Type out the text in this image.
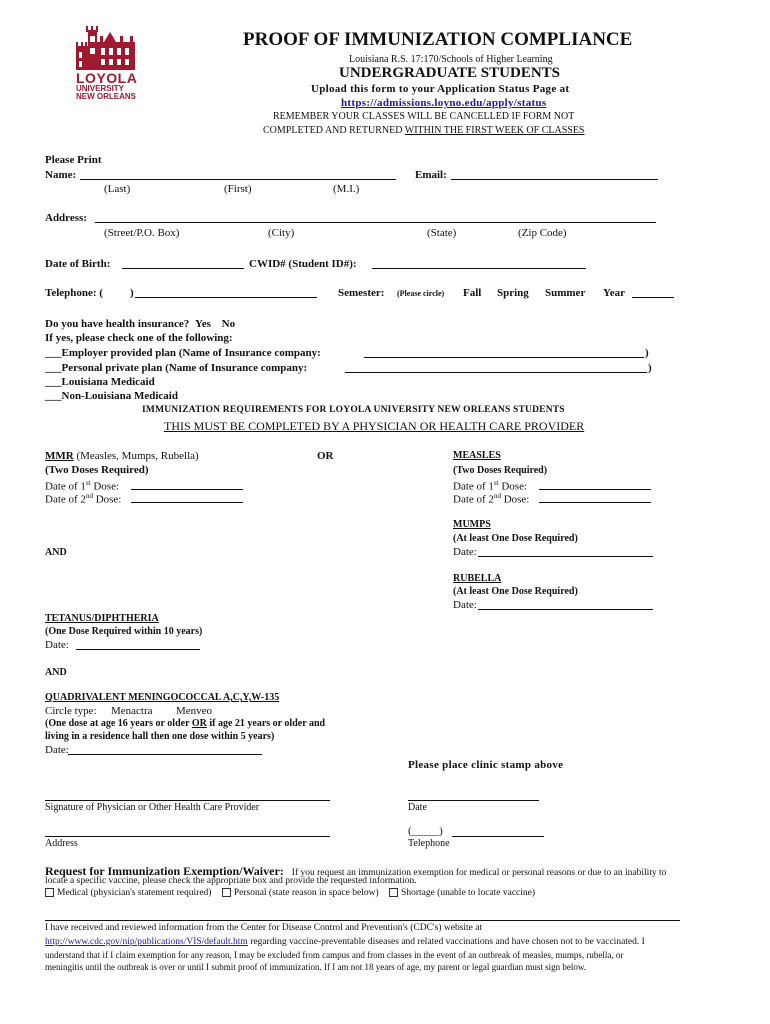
LOYOLA
UNIVERSITY
NEW ORLEANS
PROOF OF IMMUNIZATION COMPLIANCE
Louisiana R.S. 17:170/Schools of Higher Learning
UNDERGRADUATE STUDENTS
Upload this form to your Application Status Page at
https://admissions.loyno.edu/apply/status
REMEMBER YOUR CLASSES WILL BE CANCELLED IF FORM NOT
COMPLETED AND RETURNED WITHIN THE FIRST WEEK OF CLASSES
Please Print
Name:	Email:
(Last)	(First)	(M.I.)
Address:
(Street/P.O. Box)	(City)	(State)	(Zip Code)
Date of Birth:	CWID# (Student ID#):
Telephone: ( )	Semester: (Please circle) Fall Spring Summer Year
Do you have health insurance? Yes No
If yes, please check one of the following:
___Employer provided plan (Name of Insurance company:	)
___Personal private plan (Name of Insurance company:	)
___Louisiana Medicaid
___Non-Louisiana Medicaid
IMMUNIZATION REQUIREMENTS FOR LOYOLA UNIVERSITY NEW ORLEANS STUDENTS
THIS MUST BE COMPLETED BY A PHYSICIAN OR HEALTH CARE PROVIDER
MMR (Measles, Mumps, Rubella)
(Two Doses Required)
Date of 1st Dose:
Date of 2nd Dose:
OR	MEASLES
(Two Doses Required)
Date of 1st Dose:
Date of 2nd Dose:
MUMPS
(At least One Dose Required)
Date:
AND
RUBELLA
(At least One Dose Required)
Date:
TETANUS/DIPHTHERIA
(One Dose Required within 10 years)
Date:
AND
QUADRIVALENT MENINGOCOCCAL A,C,Y,W-135
Circle type: Menactra Menveo
(One dose at age 16 years or older OR if age 21 years or older and
living in a residence hall then one dose within 5 years)
Date:
Please place clinic stamp above
Signature of Physician or Other Health Care Provider	Date
Address
(_____)
Telephone
Request for Immunization Exemption/Waiver: If you request an immunization exemption for medical or personal reasons or due to an inability to
locate a specific vaccine, please check the appropriate box and provide the requested information.
Medical (physician's statement required) Personal (state reason in space below) Shortage (unable to locate vaccine)
I have received and reviewed information from the Center for Disease Control and Prevention's (CDC's) website at
http://www.cdc.gov/nip/publications/VIS/default.htm regarding vaccine-preventable diseases and related vaccinations and have chosen not to be vaccinated. I
understand that if I claim exemption for any reason, I may be excluded from campus and from classes in the event of an outbreak of measles, mumps, rubella, or
meningitis until the outbreak is over or until I submit proof of immunization. If I am not 18 years of age, my parent or legal guardian must sign below.
